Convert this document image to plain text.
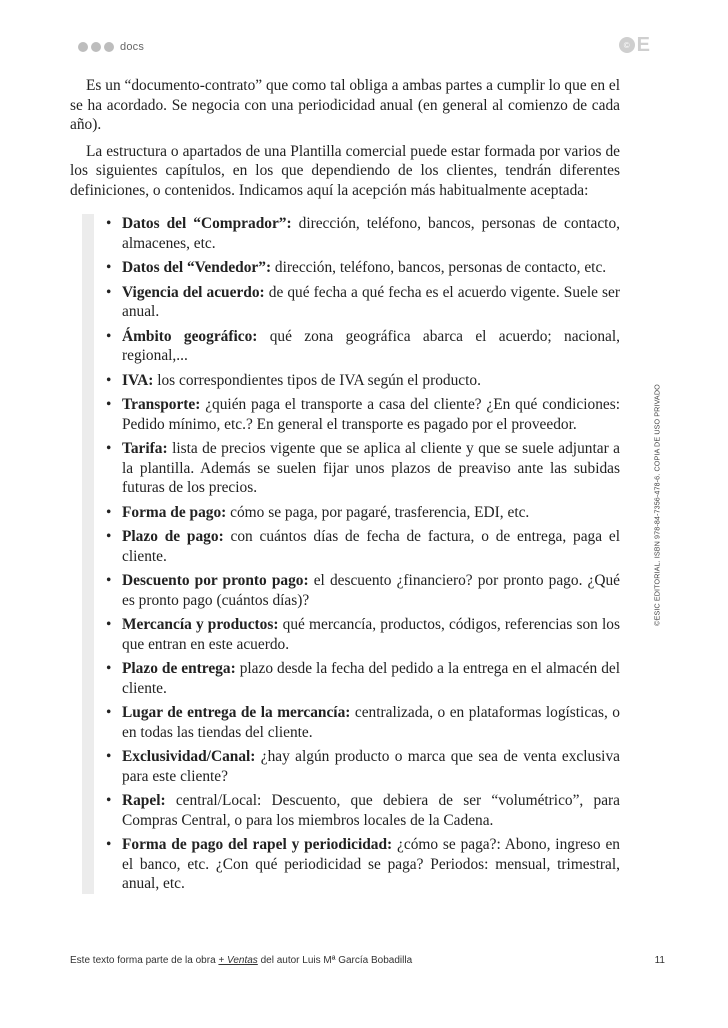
docs	© E

Es un “documento-contrato” que como tal obliga a ambas partes a cumplir lo que en el se ha acordado. Se negocia con una periodicidad anual (en general al comienzo de cada año).

La estructura o apartados de una Plantilla comercial puede estar formada por varios de los siguientes capítulos, en los que dependiendo de los clientes, tendrán diferentes definiciones, o contenidos. Indicamos aquí la acepción más habitualmente aceptada:

• Datos del “Comprador”: dirección, teléfono, bancos, personas de contacto, almacenes, etc.
• Datos del “Vendedor”: dirección, teléfono, bancos, personas de contacto, etc.
• Vigencia del acuerdo: de qué fecha a qué fecha es el acuerdo vigente. Suele ser anual.
• Ámbito geográfico: qué zona geográfica abarca el acuerdo; nacional, regional,...
• IVA: los correspondientes tipos de IVA según el producto.
• Transporte: ¿quién paga el transporte a casa del cliente? ¿En qué condiciones: Pedido mínimo, etc.? En general el transporte es pagado por el proveedor.
• Tarifa: lista de precios vigente que se aplica al cliente y que se suele adjuntar a la plantilla. Además se suelen fijar unos plazos de preaviso ante las subidas futuras de los precios.
• Forma de pago: cómo se paga, por pagaré, trasferencia, EDI, etc.
• Plazo de pago: con cuántos días de fecha de factura, o de entrega, paga el cliente.
• Descuento por pronto pago: el descuento ¿financiero? por pronto pago. ¿Qué es pronto pago (cuántos días)?
• Mercancía y productos: qué mercancía, productos, códigos, referencias son los que entran en este acuerdo.
• Plazo de entrega: plazo desde la fecha del pedido a la entrega en el almacén del cliente.
• Lugar de entrega de la mercancía: centralizada, o en plataformas logísticas, o en todas las tiendas del cliente.
• Exclusividad/Canal: ¿hay algún producto o marca que sea de venta exclusiva para este cliente?
• Rapel: central/Local: Descuento, que debiera de ser “volumétrico”, para Compras Central, o para los miembros locales de la Cadena.
• Forma de pago del rapel y periodicidad: ¿cómo se paga?: Abono, ingreso en el banco, etc. ¿Con qué periodicidad se paga? Periodos: mensual, trimestral, anual, etc.
©ESIC EDITORIAL. ISBN 978-84-7356-478-6. COPIA DE USO PRIVADO
Este texto forma parte de la obra + Ventas del autor Luis Mª García Bobadilla	11
